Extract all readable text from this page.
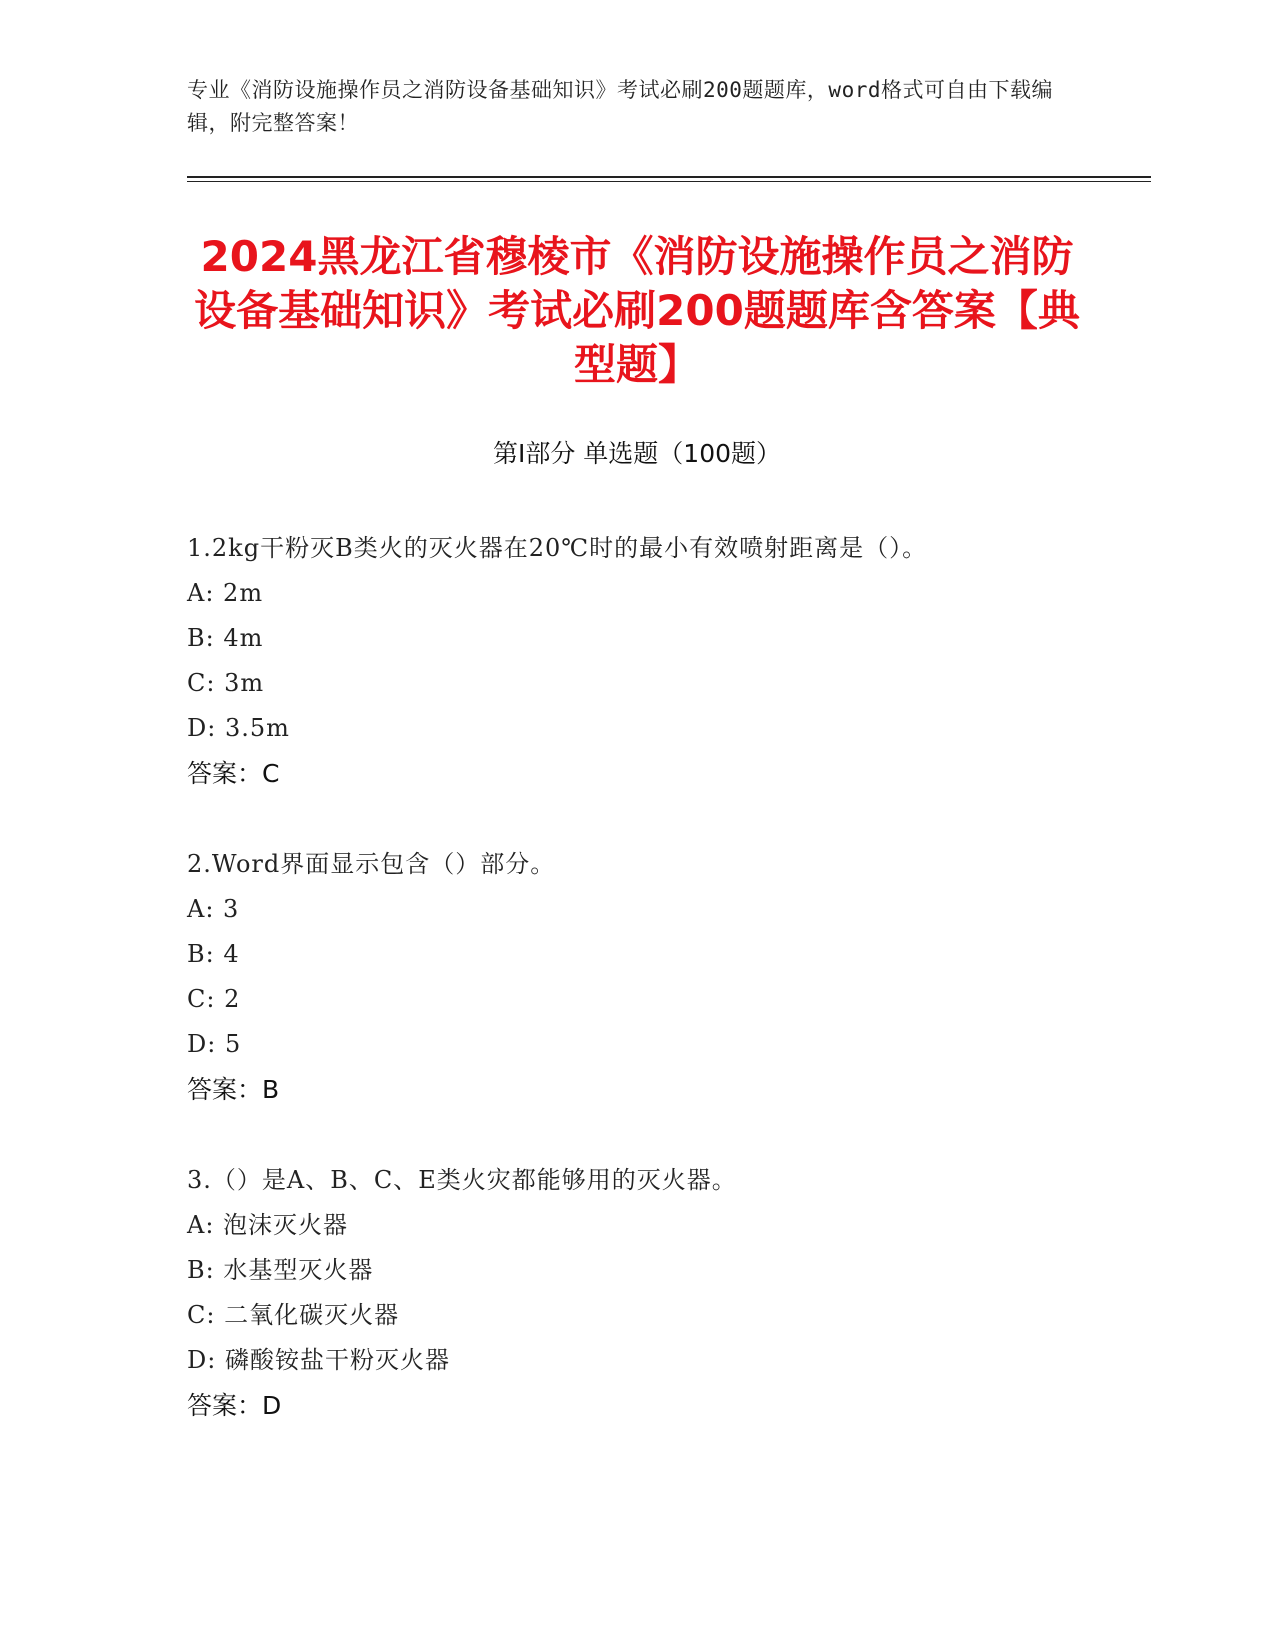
专业《消防设施操作员之消防设备基础知识》考试必刷200题题库，word格式可自由下载编辑，附完整答案！
2024黑龙江省穆棱市《消防设施操作员之消防设备基础知识》考试必刷200题题库含答案【典型题】
第Ⅰ部分 单选题（100题）
1.2kg干粉灭B类火的灭火器在20℃时的最小有效喷射距离是（）。
A: 2m
B: 4m
C: 3m
D: 3.5m
答案：C
2.Word界面显示包含（）部分。
A: 3
B: 4
C: 2
D: 5
答案：B
3.（）是A、B、C、E类火灾都能够用的灭火器。
A: 泡沫灭火器
B: 水基型灭火器
C: 二氧化碳灭火器
D: 磷酸铵盐干粉灭火器
答案：D
